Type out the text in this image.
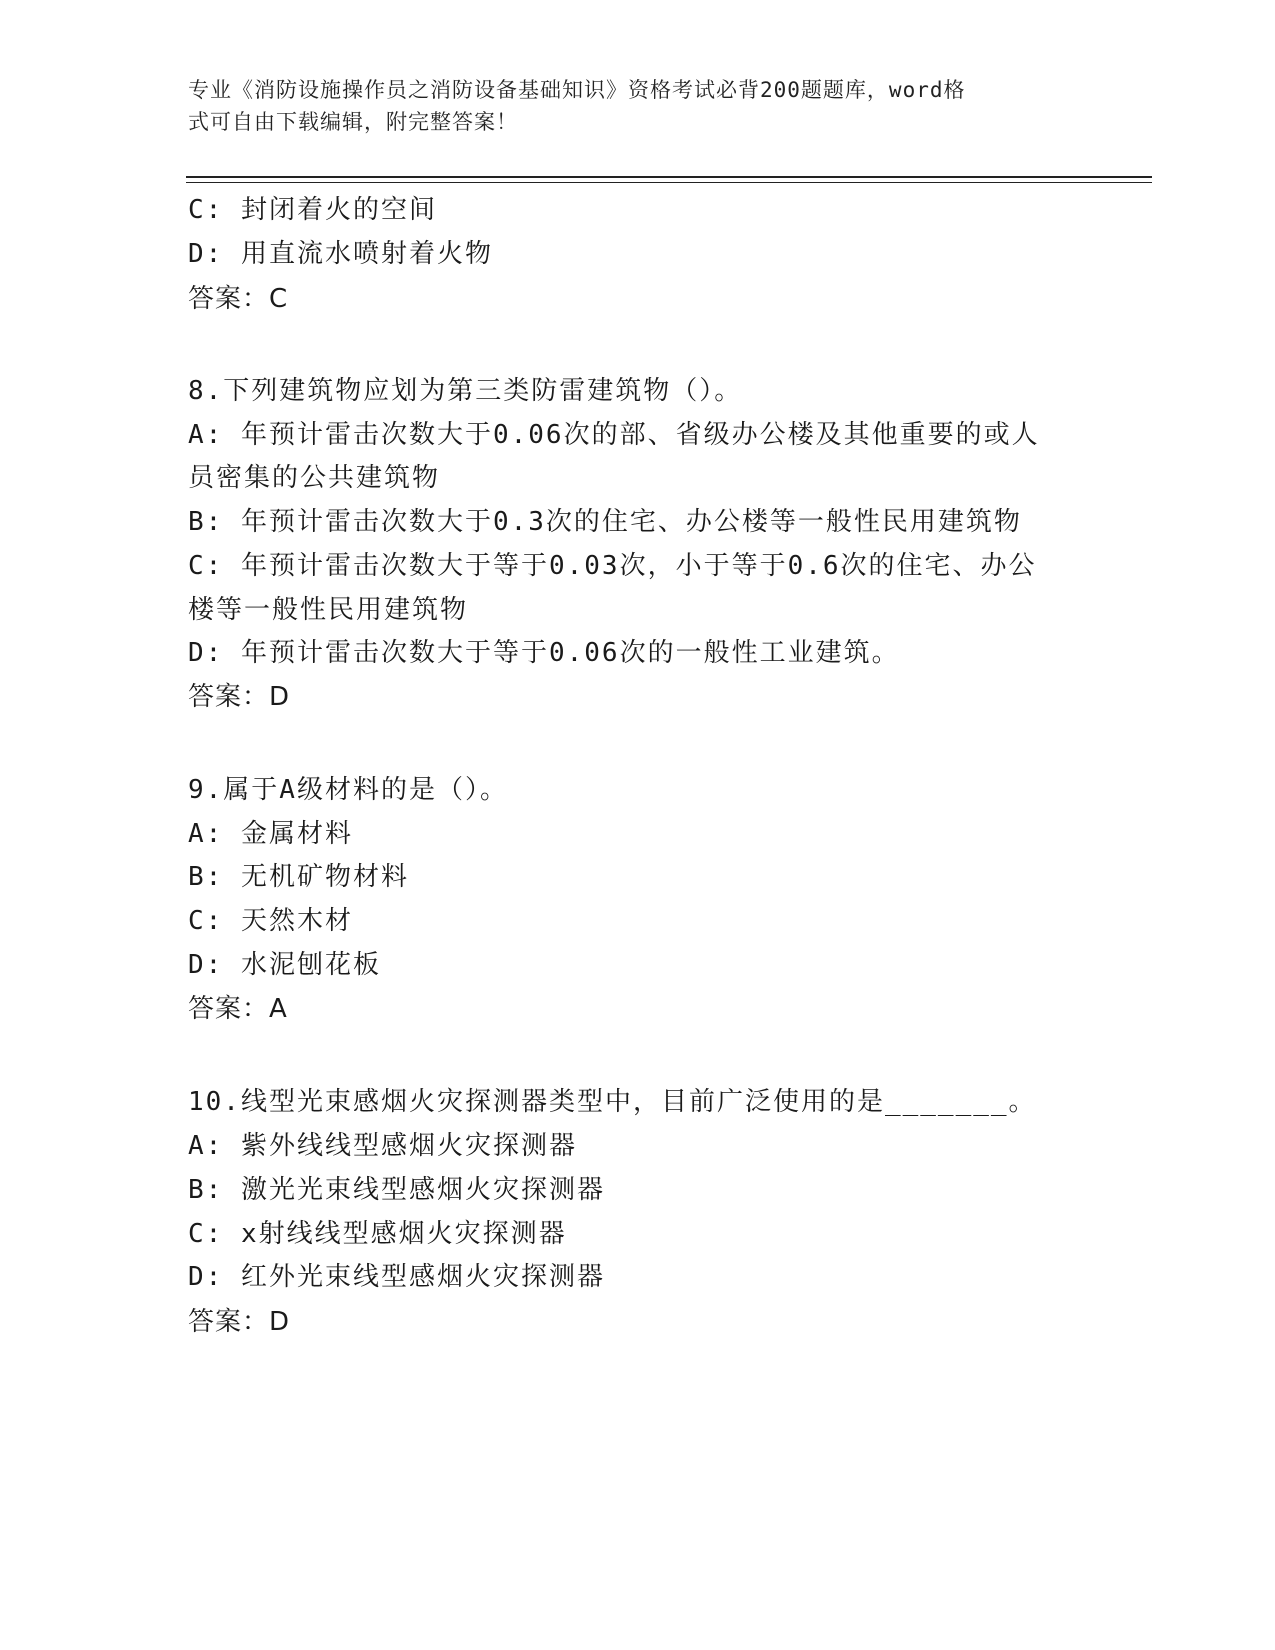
专业《消防设施操作员之消防设备基础知识》资格考试必背200题题库，word格
式可自由下载编辑，附完整答案！
C: 封闭着火的空间
D: 用直流水喷射着火物
答案：C
8.下列建筑物应划为第三类防雷建筑物（）。
A: 年预计雷击次数大于0.06次的部、省级办公楼及其他重要的或人
员密集的公共建筑物
B: 年预计雷击次数大于0.3次的住宅、办公楼等一般性民用建筑物
C: 年预计雷击次数大于等于0.03次，小于等于0.6次的住宅、办公
楼等一般性民用建筑物
D: 年预计雷击次数大于等于0.06次的一般性工业建筑。
答案：D
9.属于A级材料的是（）。
A: 金属材料
B: 无机矿物材料
C: 天然木材
D: 水泥刨花板
答案：A
10.线型光束感烟火灾探测器类型中，目前广泛使用的是_______。
A: 紫外线线型感烟火灾探测器
B: 激光光束线型感烟火灾探测器
C: x射线线型感烟火灾探测器
D: 红外光束线型感烟火灾探测器
答案：D
